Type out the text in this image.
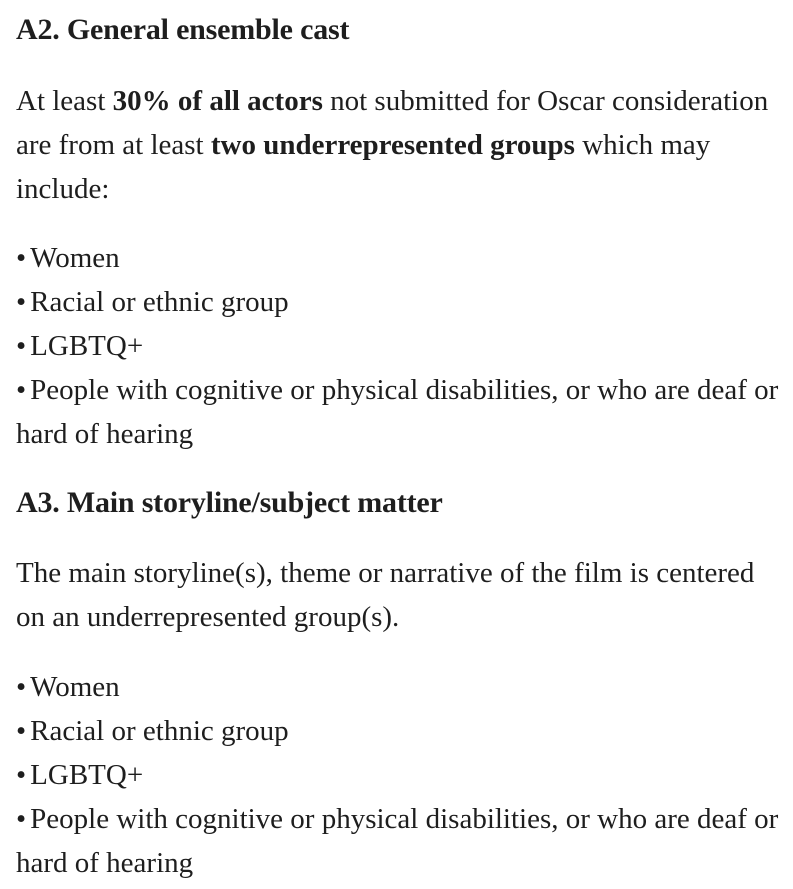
A2. General ensemble cast

At least 30% of all actors not submitted for Oscar consideration are from at least two underrepresented groups which may include:

• Women
• Racial or ethnic group
• LGBTQ+
• People with cognitive or physical disabilities, or who are deaf or hard of hearing
A3. Main storyline/subject matter

The main storyline(s), theme or narrative of the film is centered on an underrepresented group(s).

• Women
• Racial or ethnic group
• LGBTQ+
• People with cognitive or physical disabilities, or who are deaf or hard of hearing
